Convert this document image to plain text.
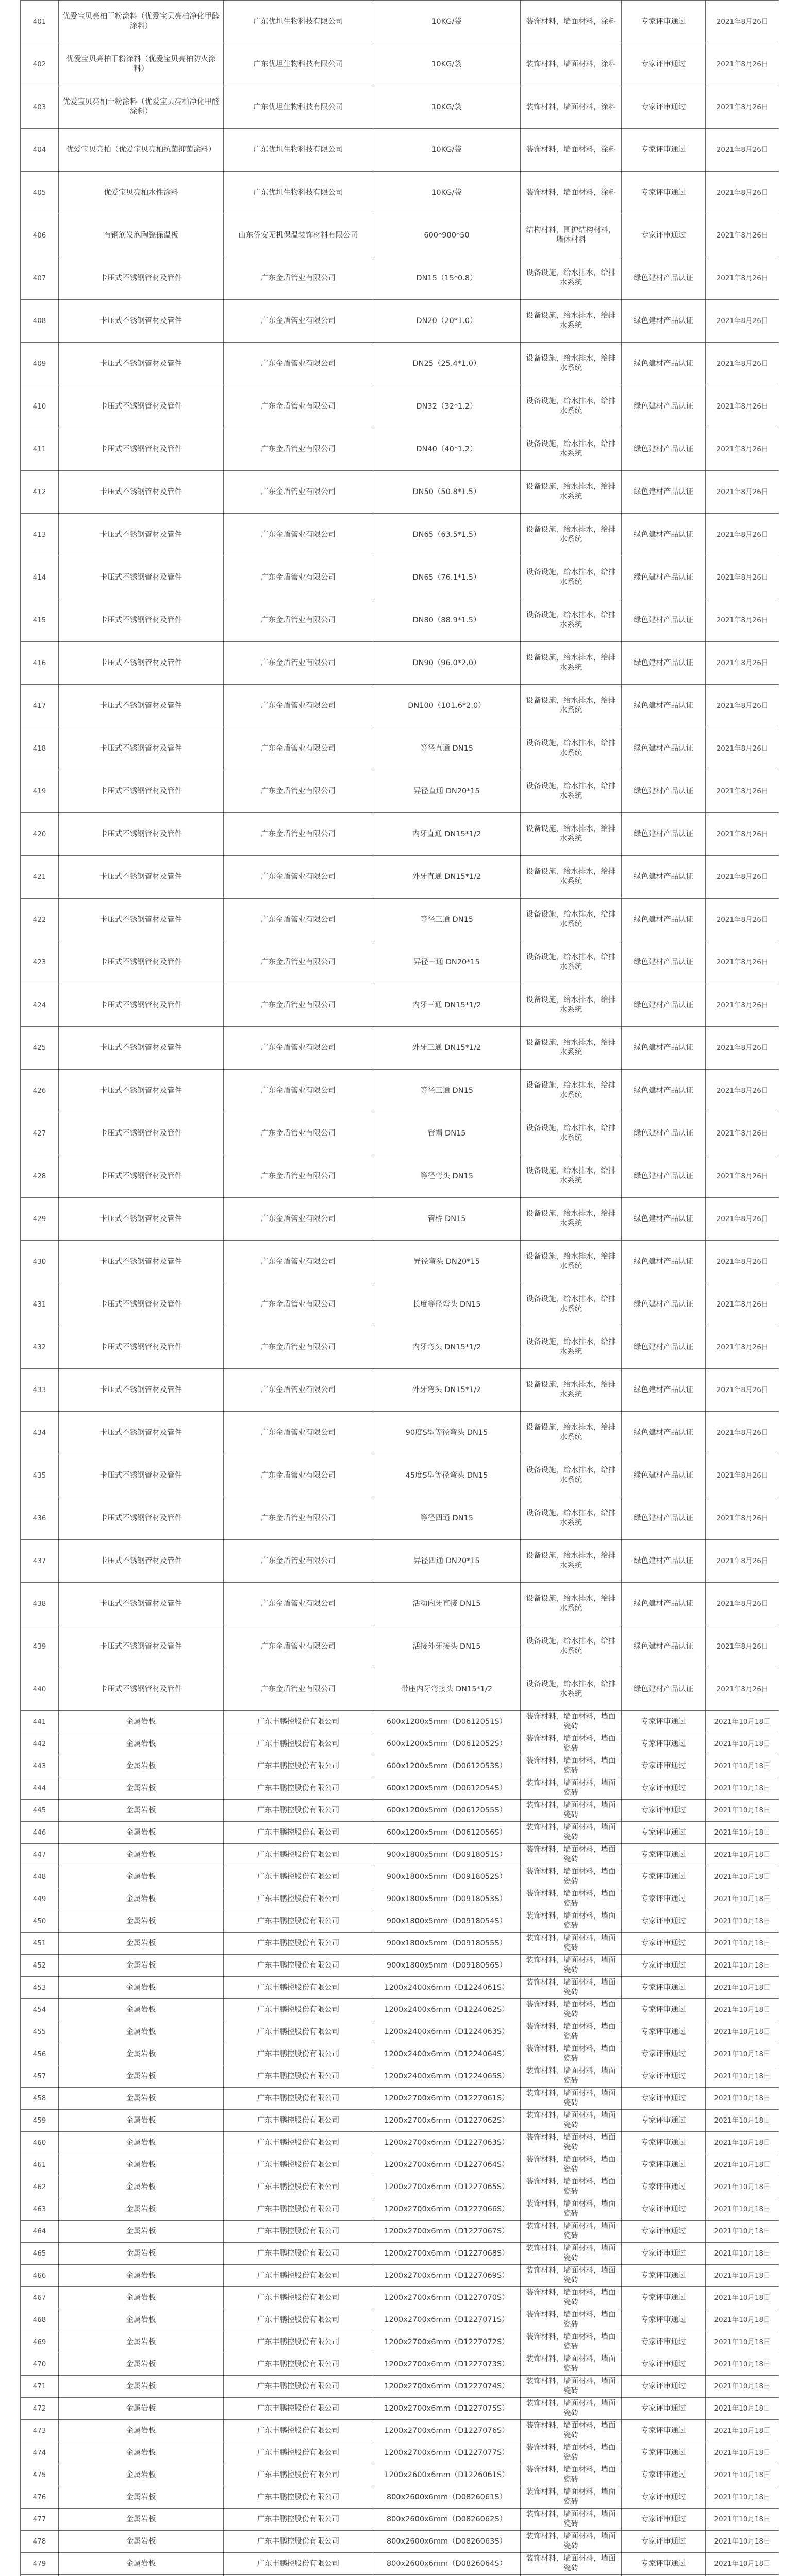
401	优爱宝贝亮柏干粉涂料（优爱宝贝亮柏净化甲醛涂料）	广东优坦生物科技有限公司	10KG/袋	装饰材料，墙面材料，涂料	专家评审通过	2021年8月26日
402	优爱宝贝亮柏干粉涂料（优爱宝贝亮柏防火涂料）	广东优坦生物科技有限公司	10KG/袋	装饰材料，墙面材料，涂料	专家评审通过	2021年8月26日
403	优爱宝贝亮柏干粉涂料（优爱宝贝亮柏净化甲醛涂料）	广东优坦生物科技有限公司	10KG/袋	装饰材料，墙面材料，涂料	专家评审通过	2021年8月26日
404	优爱宝贝亮柏（优爱宝贝亮柏抗菌抑菌涂料）	广东优坦生物科技有限公司	10KG/袋	装饰材料，墙面材料，涂料	专家评审通过	2021年8月26日
405	优爱宝贝亮柏水性涂料	广东优坦生物科技有限公司	10KG/袋	装饰材料，墙面材料，涂料	专家评审通过	2021年8月26日
406	有钢筋发泡陶瓷保温板	山东侨安无机保温装饰材料有限公司	600*900*50	结构材料，围护结构材料，墙体材料	专家评审通过	2021年8月26日
407	卡压式不锈钢管材及管件	广东金盾管业有限公司	DN15（15*0.8）	设备设施，给水排水，给排水系统	绿色建材产品认证	2021年8月26日
408	卡压式不锈钢管材及管件	广东金盾管业有限公司	DN20（20*1.0）	设备设施，给水排水，给排水系统	绿色建材产品认证	2021年8月26日
409	卡压式不锈钢管材及管件	广东金盾管业有限公司	DN25（25.4*1.0）	设备设施，给水排水，给排水系统	绿色建材产品认证	2021年8月26日
410	卡压式不锈钢管材及管件	广东金盾管业有限公司	DN32（32*1.2）	设备设施，给水排水，给排水系统	绿色建材产品认证	2021年8月26日
411	卡压式不锈钢管材及管件	广东金盾管业有限公司	DN40（40*1.2）	设备设施，给水排水，给排水系统	绿色建材产品认证	2021年8月26日
412	卡压式不锈钢管材及管件	广东金盾管业有限公司	DN50（50.8*1.5）	设备设施，给水排水，给排水系统	绿色建材产品认证	2021年8月26日
413	卡压式不锈钢管材及管件	广东金盾管业有限公司	DN65（63.5*1.5）	设备设施，给水排水，给排水系统	绿色建材产品认证	2021年8月26日
414	卡压式不锈钢管材及管件	广东金盾管业有限公司	DN65（76.1*1.5）	设备设施，给水排水，给排水系统	绿色建材产品认证	2021年8月26日
415	卡压式不锈钢管材及管件	广东金盾管业有限公司	DN80（88.9*1.5）	设备设施，给水排水，给排水系统	绿色建材产品认证	2021年8月26日
416	卡压式不锈钢管材及管件	广东金盾管业有限公司	DN90（96.0*2.0）	设备设施，给水排水，给排水系统	绿色建材产品认证	2021年8月26日
417	卡压式不锈钢管材及管件	广东金盾管业有限公司	DN100（101.6*2.0）	设备设施，给水排水，给排水系统	绿色建材产品认证	2021年8月26日
418	卡压式不锈钢管材及管件	广东金盾管业有限公司	等径直通 DN15	设备设施，给水排水，给排水系统	绿色建材产品认证	2021年8月26日
419	卡压式不锈钢管材及管件	广东金盾管业有限公司	异径直通 DN20*15	设备设施，给水排水，给排水系统	绿色建材产品认证	2021年8月26日
420	卡压式不锈钢管材及管件	广东金盾管业有限公司	内牙直通 DN15*1/2	设备设施，给水排水，给排水系统	绿色建材产品认证	2021年8月26日
421	卡压式不锈钢管材及管件	广东金盾管业有限公司	外牙直通 DN15*1/2	设备设施，给水排水，给排水系统	绿色建材产品认证	2021年8月26日
422	卡压式不锈钢管材及管件	广东金盾管业有限公司	等径三通 DN15	设备设施，给水排水，给排水系统	绿色建材产品认证	2021年8月26日
423	卡压式不锈钢管材及管件	广东金盾管业有限公司	异径三通 DN20*15	设备设施，给水排水，给排水系统	绿色建材产品认证	2021年8月26日
424	卡压式不锈钢管材及管件	广东金盾管业有限公司	内牙三通 DN15*1/2	设备设施，给水排水，给排水系统	绿色建材产品认证	2021年8月26日
425	卡压式不锈钢管材及管件	广东金盾管业有限公司	外牙三通 DN15*1/2	设备设施，给水排水，给排水系统	绿色建材产品认证	2021年8月26日
426	卡压式不锈钢管材及管件	广东金盾管业有限公司	等径三通 DN15	设备设施，给水排水，给排水系统	绿色建材产品认证	2021年8月26日
427	卡压式不锈钢管材及管件	广东金盾管业有限公司	管帽 DN15	设备设施，给水排水，给排水系统	绿色建材产品认证	2021年8月26日
428	卡压式不锈钢管材及管件	广东金盾管业有限公司	等径弯头 DN15	设备设施，给水排水，给排水系统	绿色建材产品认证	2021年8月26日
429	卡压式不锈钢管材及管件	广东金盾管业有限公司	管桥 DN15	设备设施，给水排水，给排水系统	绿色建材产品认证	2021年8月26日
430	卡压式不锈钢管材及管件	广东金盾管业有限公司	异径弯头 DN20*15	设备设施，给水排水，给排水系统	绿色建材产品认证	2021年8月26日
431	卡压式不锈钢管材及管件	广东金盾管业有限公司	长度等径弯头 DN15	设备设施，给水排水，给排水系统	绿色建材产品认证	2021年8月26日
432	卡压式不锈钢管材及管件	广东金盾管业有限公司	内牙弯头 DN15*1/2	设备设施，给水排水，给排水系统	绿色建材产品认证	2021年8月26日
433	卡压式不锈钢管材及管件	广东金盾管业有限公司	外牙弯头 DN15*1/2	设备设施，给水排水，给排水系统	绿色建材产品认证	2021年8月26日
434	卡压式不锈钢管材及管件	广东金盾管业有限公司	90度S型等径弯头 DN15	设备设施，给水排水，给排水系统	绿色建材产品认证	2021年8月26日
435	卡压式不锈钢管材及管件	广东金盾管业有限公司	45度S型等径弯头 DN15	设备设施，给水排水，给排水系统	绿色建材产品认证	2021年8月26日
436	卡压式不锈钢管材及管件	广东金盾管业有限公司	等径四通 DN15	设备设施，给水排水，给排水系统	绿色建材产品认证	2021年8月26日
437	卡压式不锈钢管材及管件	广东金盾管业有限公司	异径四通 DN20*15	设备设施，给水排水，给排水系统	绿色建材产品认证	2021年8月26日
438	卡压式不锈钢管材及管件	广东金盾管业有限公司	活动内牙直接 DN15	设备设施，给水排水，给排水系统	绿色建材产品认证	2021年8月26日
439	卡压式不锈钢管材及管件	广东金盾管业有限公司	活接外牙接头 DN15	设备设施，给水排水，给排水系统	绿色建材产品认证	2021年8月26日
440	卡压式不锈钢管材及管件	广东金盾管业有限公司	带座内牙弯接头 DN15*1/2	设备设施，给水排水，给排水系统	绿色建材产品认证	2021年8月26日
441	金属岩板	广东丰鹏控股份有限公司	600x1200x5mm（D0612051S）	装饰材料，墙面材料，墙面瓷砖	专家评审通过	2021年10月18日
442	金属岩板	广东丰鹏控股份有限公司	600x1200x5mm（D0612052S）	装饰材料，墙面材料，墙面瓷砖	专家评审通过	2021年10月18日
443	金属岩板	广东丰鹏控股份有限公司	600x1200x5mm（D0612053S）	装饰材料，墙面材料，墙面瓷砖	专家评审通过	2021年10月18日
444	金属岩板	广东丰鹏控股份有限公司	600x1200x5mm（D0612054S）	装饰材料，墙面材料，墙面瓷砖	专家评审通过	2021年10月18日
445	金属岩板	广东丰鹏控股份有限公司	600x1200x5mm（D0612055S）	装饰材料，墙面材料，墙面瓷砖	专家评审通过	2021年10月18日
446	金属岩板	广东丰鹏控股份有限公司	600x1200x5mm（D0612056S）	装饰材料，墙面材料，墙面瓷砖	专家评审通过	2021年10月18日
447	金属岩板	广东丰鹏控股份有限公司	900x1800x5mm（D0918051S）	装饰材料，墙面材料，墙面瓷砖	专家评审通过	2021年10月18日
448	金属岩板	广东丰鹏控股份有限公司	900x1800x5mm（D0918052S）	装饰材料，墙面材料，墙面瓷砖	专家评审通过	2021年10月18日
449	金属岩板	广东丰鹏控股份有限公司	900x1800x5mm（D0918053S）	装饰材料，墙面材料，墙面瓷砖	专家评审通过	2021年10月18日
450	金属岩板	广东丰鹏控股份有限公司	900x1800x5mm（D0918054S）	装饰材料，墙面材料，墙面瓷砖	专家评审通过	2021年10月18日
451	金属岩板	广东丰鹏控股份有限公司	900x1800x5mm（D0918055S）	装饰材料，墙面材料，墙面瓷砖	专家评审通过	2021年10月18日
452	金属岩板	广东丰鹏控股份有限公司	900x1800x5mm（D0918056S）	装饰材料，墙面材料，墙面瓷砖	专家评审通过	2021年10月18日
453	金属岩板	广东丰鹏控股份有限公司	1200x2400x6mm（D1224061S）	装饰材料，墙面材料，墙面瓷砖	专家评审通过	2021年10月18日
454	金属岩板	广东丰鹏控股份有限公司	1200x2400x6mm（D1224062S）	装饰材料，墙面材料，墙面瓷砖	专家评审通过	2021年10月18日
455	金属岩板	广东丰鹏控股份有限公司	1200x2400x6mm（D1224063S）	装饰材料，墙面材料，墙面瓷砖	专家评审通过	2021年10月18日
456	金属岩板	广东丰鹏控股份有限公司	1200x2400x6mm（D1224064S）	装饰材料，墙面材料，墙面瓷砖	专家评审通过	2021年10月18日
457	金属岩板	广东丰鹏控股份有限公司	1200x2400x6mm（D1224065S）	装饰材料，墙面材料，墙面瓷砖	专家评审通过	2021年10月18日
458	金属岩板	广东丰鹏控股份有限公司	1200x2700x6mm（D1227061S）	装饰材料，墙面材料，墙面瓷砖	专家评审通过	2021年10月18日
459	金属岩板	广东丰鹏控股份有限公司	1200x2700x6mm（D1227062S）	装饰材料，墙面材料，墙面瓷砖	专家评审通过	2021年10月18日
460	金属岩板	广东丰鹏控股份有限公司	1200x2700x6mm（D1227063S）	装饰材料，墙面材料，墙面瓷砖	专家评审通过	2021年10月18日
461	金属岩板	广东丰鹏控股份有限公司	1200x2700x6mm（D1227064S）	装饰材料，墙面材料，墙面瓷砖	专家评审通过	2021年10月18日
462	金属岩板	广东丰鹏控股份有限公司	1200x2700x6mm（D1227065S）	装饰材料，墙面材料，墙面瓷砖	专家评审通过	2021年10月18日
463	金属岩板	广东丰鹏控股份有限公司	1200x2700x6mm（D1227066S）	装饰材料，墙面材料，墙面瓷砖	专家评审通过	2021年10月18日
464	金属岩板	广东丰鹏控股份有限公司	1200x2700x6mm（D1227067S）	装饰材料，墙面材料，墙面瓷砖	专家评审通过	2021年10月18日
465	金属岩板	广东丰鹏控股份有限公司	1200x2700x6mm（D1227068S）	装饰材料，墙面材料，墙面瓷砖	专家评审通过	2021年10月18日
466	金属岩板	广东丰鹏控股份有限公司	1200x2700x6mm（D1227069S）	装饰材料，墙面材料，墙面瓷砖	专家评审通过	2021年10月18日
467	金属岩板	广东丰鹏控股份有限公司	1200x2700x6mm（D1227070S）	装饰材料，墙面材料，墙面瓷砖	专家评审通过	2021年10月18日
468	金属岩板	广东丰鹏控股份有限公司	1200x2700x6mm（D1227071S）	装饰材料，墙面材料，墙面瓷砖	专家评审通过	2021年10月18日
469	金属岩板	广东丰鹏控股份有限公司	1200x2700x6mm（D1227072S）	装饰材料，墙面材料，墙面瓷砖	专家评审通过	2021年10月18日
470	金属岩板	广东丰鹏控股份有限公司	1200x2700x6mm（D1227073S）	装饰材料，墙面材料，墙面瓷砖	专家评审通过	2021年10月18日
471	金属岩板	广东丰鹏控股份有限公司	1200x2700x6mm（D1227074S）	装饰材料，墙面材料，墙面瓷砖	专家评审通过	2021年10月18日
472	金属岩板	广东丰鹏控股份有限公司	1200x2700x6mm（D1227075S）	装饰材料，墙面材料，墙面瓷砖	专家评审通过	2021年10月18日
473	金属岩板	广东丰鹏控股份有限公司	1200x2700x6mm（D1227076S）	装饰材料，墙面材料，墙面瓷砖	专家评审通过	2021年10月18日
474	金属岩板	广东丰鹏控股份有限公司	1200x2700x6mm（D1227077S）	装饰材料，墙面材料，墙面瓷砖	专家评审通过	2021年10月18日
475	金属岩板	广东丰鹏控股份有限公司	1200x2600x6mm（D1226061S）	装饰材料，墙面材料，墙面瓷砖	专家评审通过	2021年10月18日
476	金属岩板	广东丰鹏控股份有限公司	800x2600x6mm（D0826061S）	装饰材料，墙面材料，墙面瓷砖	专家评审通过	2021年10月18日
477	金属岩板	广东丰鹏控股份有限公司	800x2600x6mm（D0826062S）	装饰材料，墙面材料，墙面瓷砖	专家评审通过	2021年10月18日
478	金属岩板	广东丰鹏控股份有限公司	800x2600x6mm（D0826063S）	装饰材料，墙面材料，墙面瓷砖	专家评审通过	2021年10月18日
479	金属岩板	广东丰鹏控股份有限公司	800x2600x6mm（D0826064S）	装饰材料，墙面材料，墙面瓷砖	专家评审通过	2021年10月18日
